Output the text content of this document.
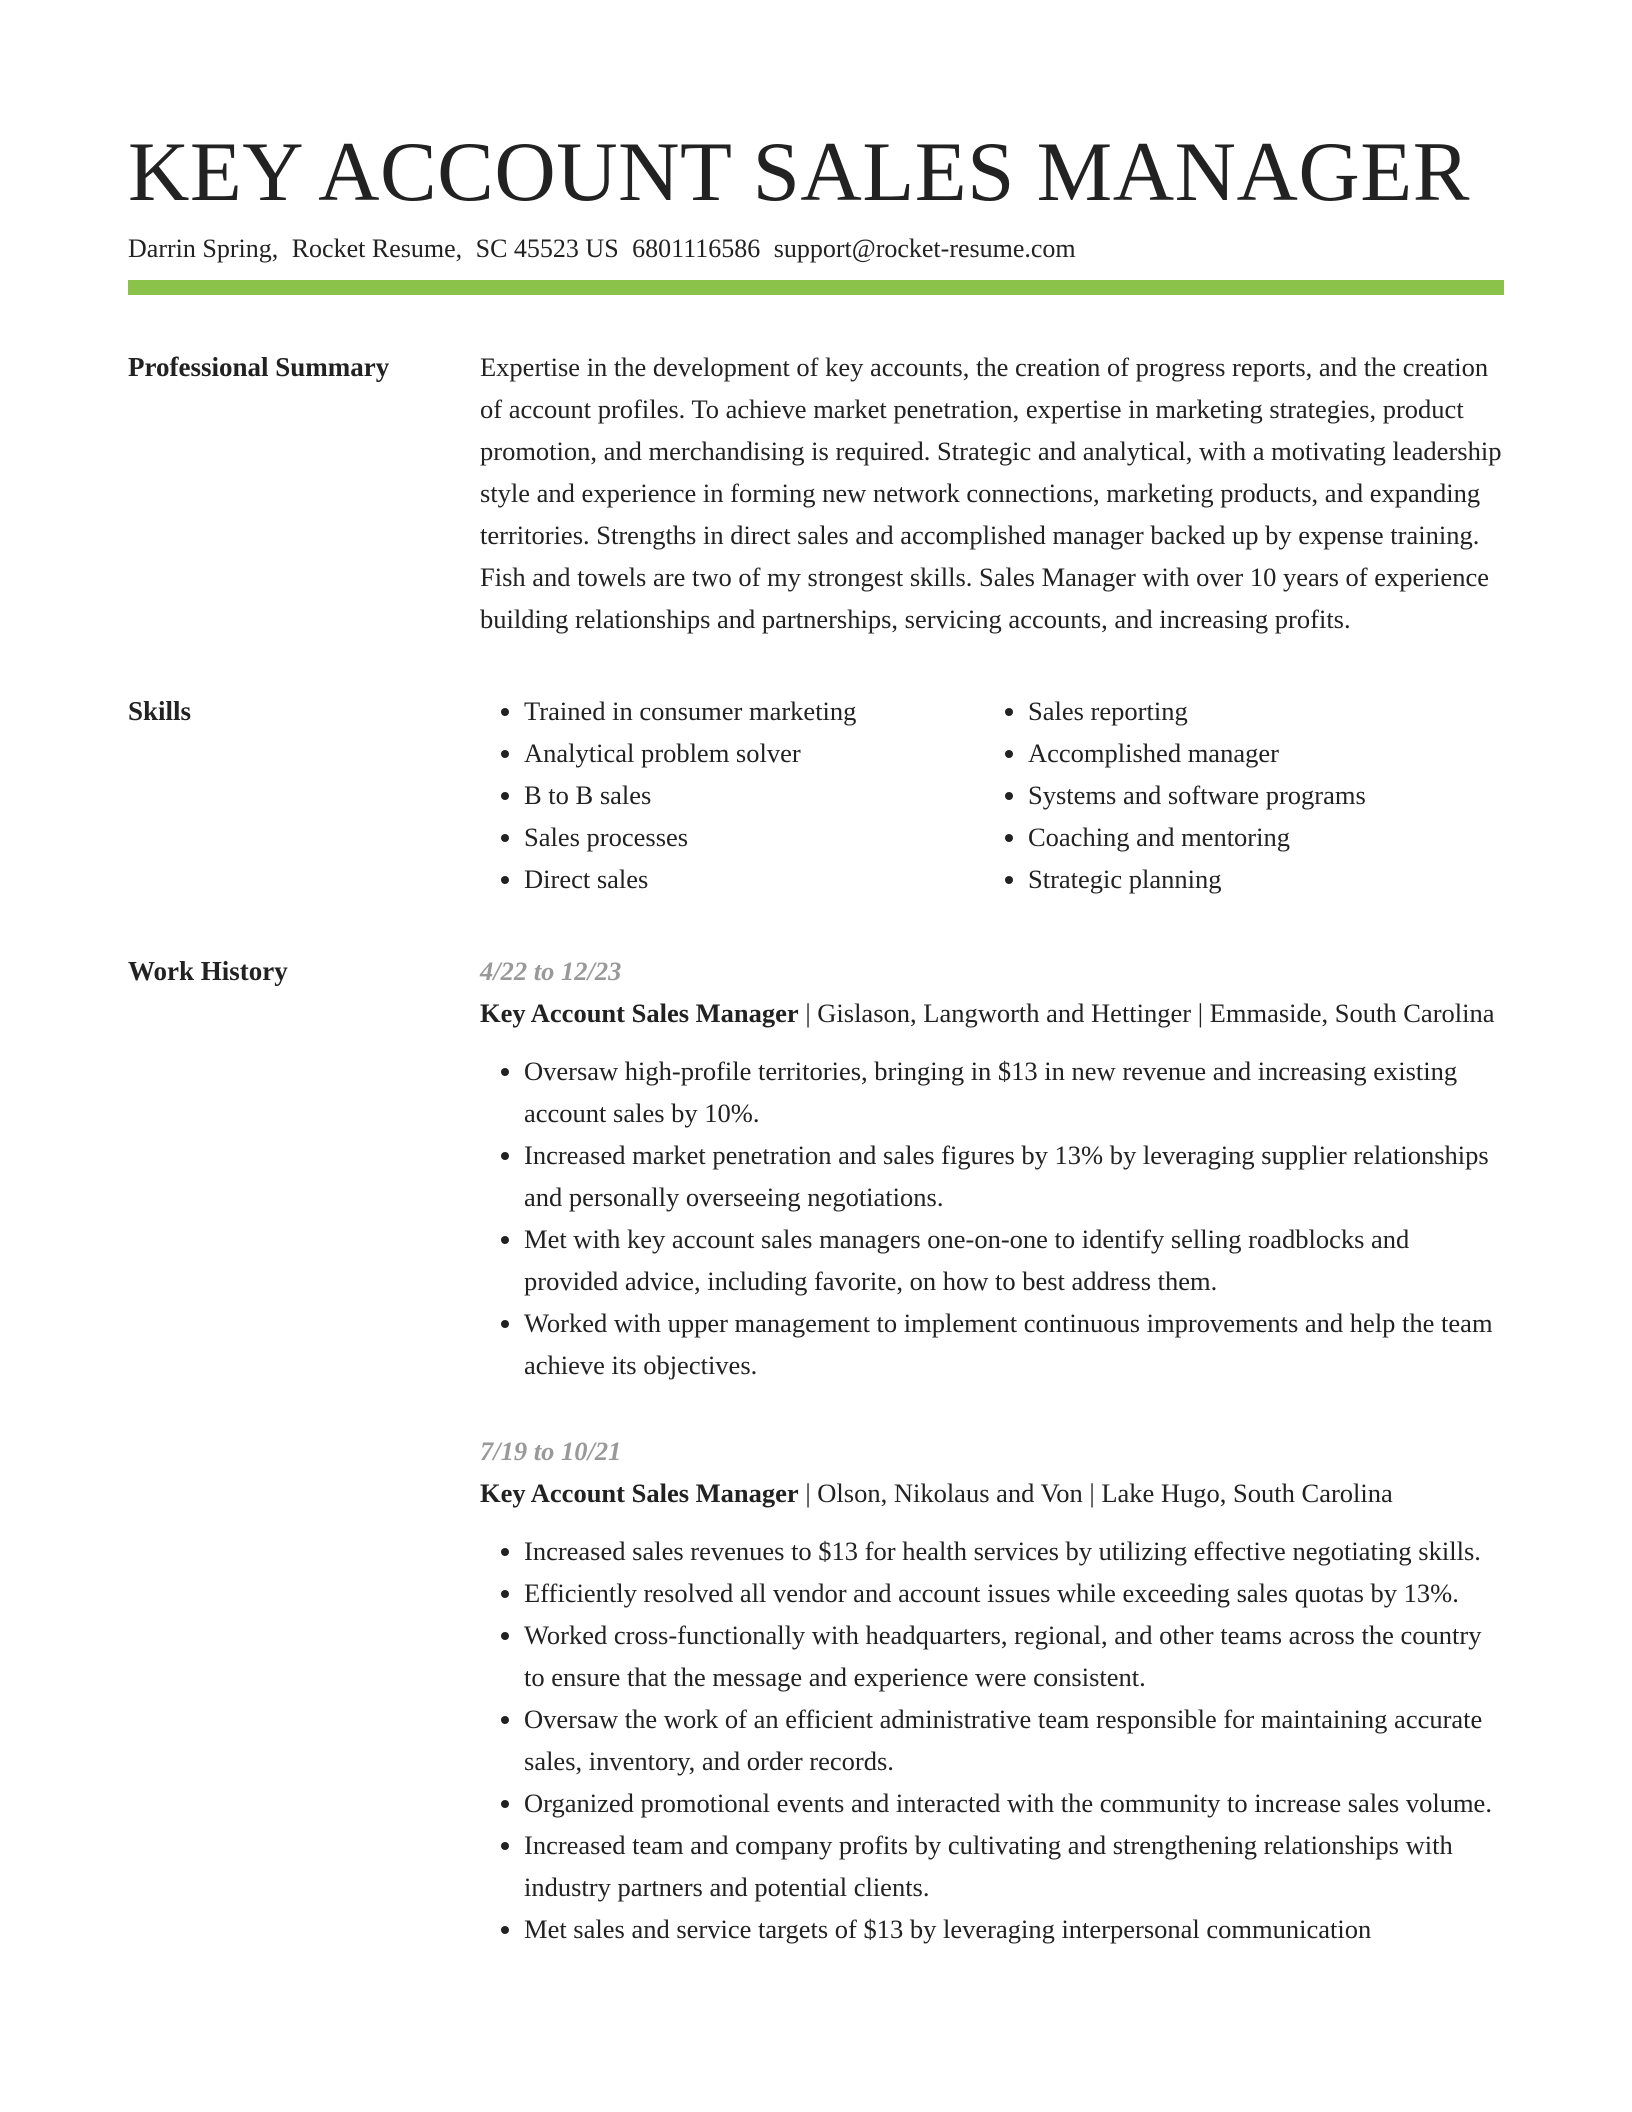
KEY ACCOUNT SALES MANAGER
Darrin Spring, Rocket Resume, SC 45523 US 6801116586 support@rocket-resume.com
Professional Summary	Expertise in the development of key accounts, the creation of progress reports, and the creation of account profiles. To achieve market penetration, expertise in marketing strategies, product promotion, and merchandising is required. Strategic and analytical, with a motivating leadership style and experience in forming new network connections, marketing products, and expanding territories. Strengths in direct sales and accomplished manager backed up by expense training. Fish and towels are two of my strongest skills. Sales Manager with over 10 years of experience building relationships and partnerships, servicing accounts, and increasing profits.

Skills
•	Trained in consumer marketing
• Analytical problem solver
• B to B sales
• Sales processes
• Direct sales
• Sales reporting
• Accomplished manager
• Systems and software programs
• Coaching and mentoring
• Strategic planning
Work History	4/22 to 12/23
Key Account Sales Manager | Gislason, Langworth and Hettinger | Emmaside, South Carolina
• Oversaw high-profile territories, bringing in $13 in new revenue and increasing existing account sales by 10%.
• Increased market penetration and sales figures by 13% by leveraging supplier relationships and personally overseeing negotiations.
• Met with key account sales managers one-on-one to identify selling roadblocks and provided advice, including favorite, on how to best address them.
• Worked with upper management to implement continuous improvements and help the team achieve its objectives.
7/19 to 10/21
Key Account Sales Manager | Olson, Nikolaus and Von | Lake Hugo, South Carolina
• Increased sales revenues to $13 for health services by utilizing effective negotiating skills.
• Efficiently resolved all vendor and account issues while exceeding sales quotas by 13%.
• Worked cross-functionally with headquarters, regional, and other teams across the country to ensure that the message and experience were consistent.
• Oversaw the work of an efficient administrative team responsible for maintaining accurate sales, inventory, and order records.
• Organized promotional events and interacted with the community to increase sales volume.
• Increased team and company profits by cultivating and strengthening relationships with industry partners and potential clients.
• Met sales and service targets of $13 by leveraging interpersonal communication
